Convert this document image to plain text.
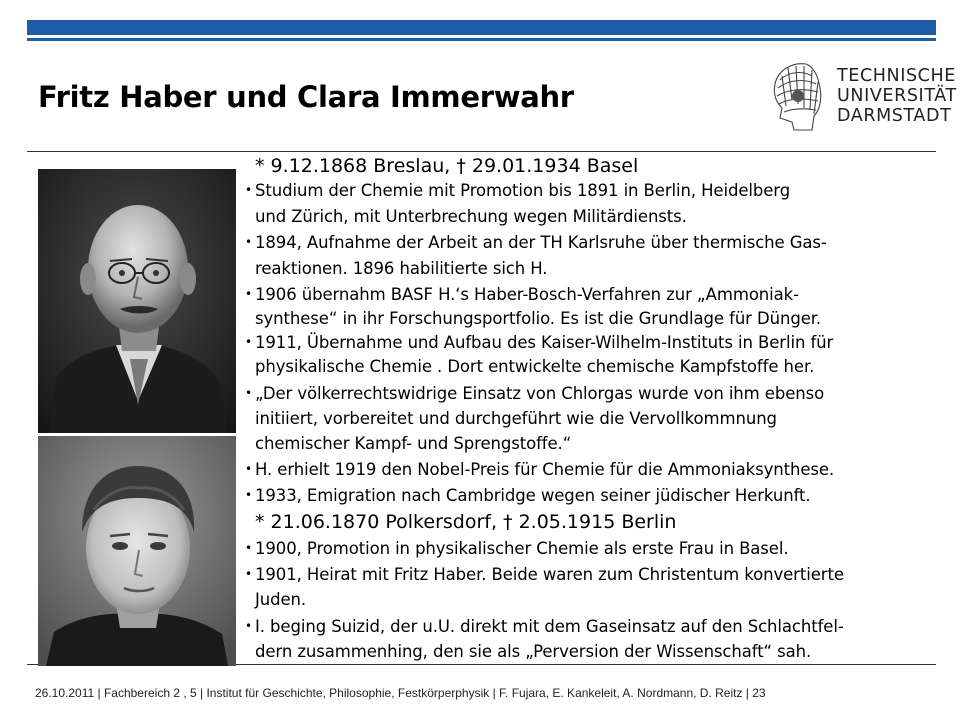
Fritz Haber und Clara Immerwahr
TECHNISCHE
UNIVERSITÄT
DARMSTADT
* 9.12.1868 Breslau, † 29.01.1934 Basel
• Studium der Chemie mit Promotion bis 1891 in Berlin, Heidelberg
und Zürich, mit Unterbrechung wegen Militärdiensts.
• 1894, Aufnahme der Arbeit an der TH Karlsruhe über thermische Gas-
reaktionen. 1896 habilitierte sich H.
• 1906 übernahm BASF H.‘s Haber-Bosch-Verfahren zur „Ammoniak-
synthese“ in ihr Forschungsportfolio. Es ist die Grundlage für Dünger.
• 1911, Übernahme und Aufbau des Kaiser-Wilhelm-Instituts in Berlin für
physikalische Chemie . Dort entwickelte chemische Kampfstoffe her.
• „Der völkerrechtswidrige Einsatz von Chlorgas wurde von ihm ebenso
initiiert, vorbereitet und durchgeführt wie die Vervollkommnung
chemischer Kampf- und Sprengstoffe.“
• H. erhielt 1919 den Nobel-Preis für Chemie für die Ammoniaksynthese.
• 1933, Emigration nach Cambridge wegen seiner jüdischer Herkunft.
* 21.06.1870 Polkersdorf, † 2.05.1915 Berlin
• 1900, Promotion in physikalischer Chemie als erste Frau in Basel.
• 1901, Heirat mit Fritz Haber. Beide waren zum Christentum konvertierte
Juden.
• I. beging Suizid, der u.U. direkt mit dem Gaseinsatz auf den Schlachtfel-
dern zusammenhing, den sie als „Perversion der Wissenschaft“ sah.
26.10.2011 | Fachbereich 2 , 5 | Institut für Geschichte, Philosophie, Festkörperphysik | F. Fujara, E. Kankeleit, A. Nordmann, D. Reitz | 23
